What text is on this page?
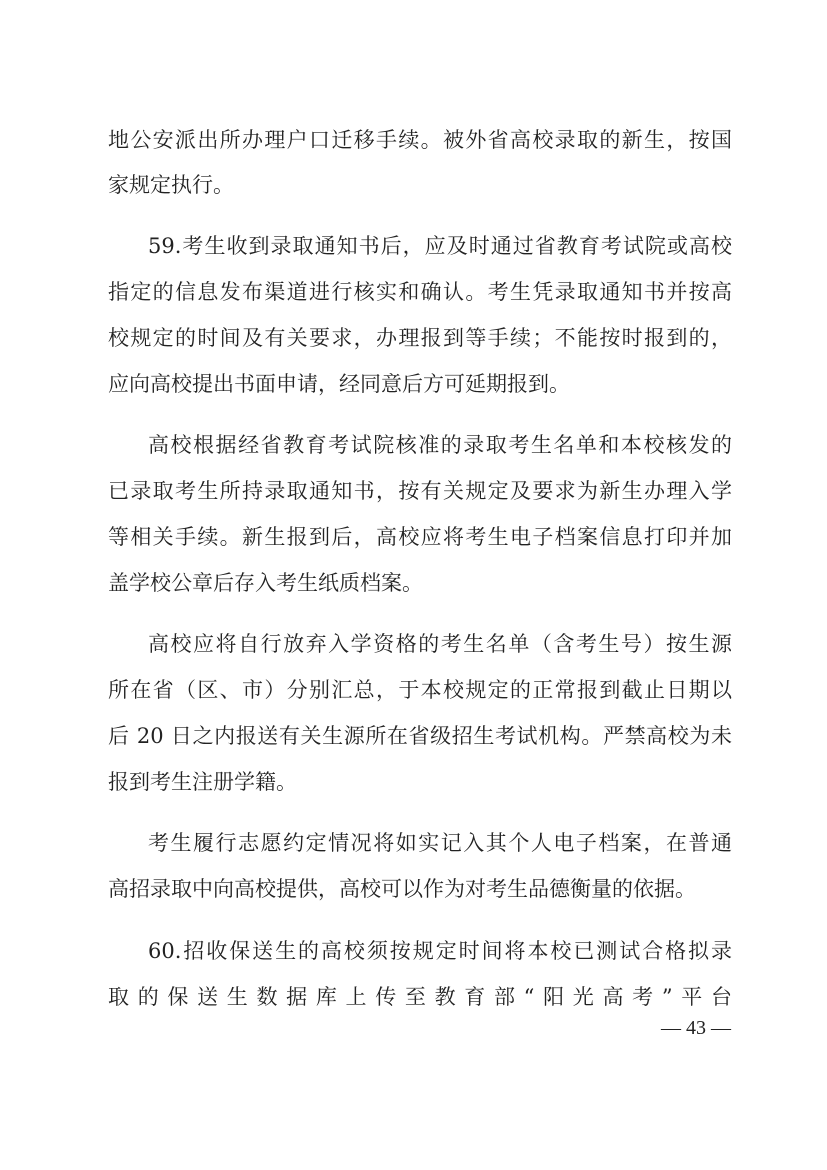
地公安派出所办理户口迁移手续。被外省高校录取的新生，按国
家规定执行。
59.考生收到录取通知书后，应及时通过省教育考试院或高校
指定的信息发布渠道进行核实和确认。考生凭录取通知书并按高
校规定的时间及有关要求，办理报到等手续；不能按时报到的，
应向高校提出书面申请，经同意后方可延期报到。
高校根据经省教育考试院核准的录取考生名单和本校核发的
已录取考生所持录取通知书，按有关规定及要求为新生办理入学
等相关手续。新生报到后，高校应将考生电子档案信息打印并加
盖学校公章后存入考生纸质档案。
高校应将自行放弃入学资格的考生名单（含考生号）按生源
所在省（区、市）分别汇总，于本校规定的正常报到截止日期以
后 20 日之内报送有关生源所在省级招生考试机构。严禁高校为未
报到考生注册学籍。
考生履行志愿约定情况将如实记入其个人电子档案，在普通
高招录取中向高校提供，高校可以作为对考生品德衡量的依据。
60.招收保送生的高校须按规定时间将本校已测试合格拟录
取的保送生数据库上传至教育部“阳光高考”平台
— 43 —
